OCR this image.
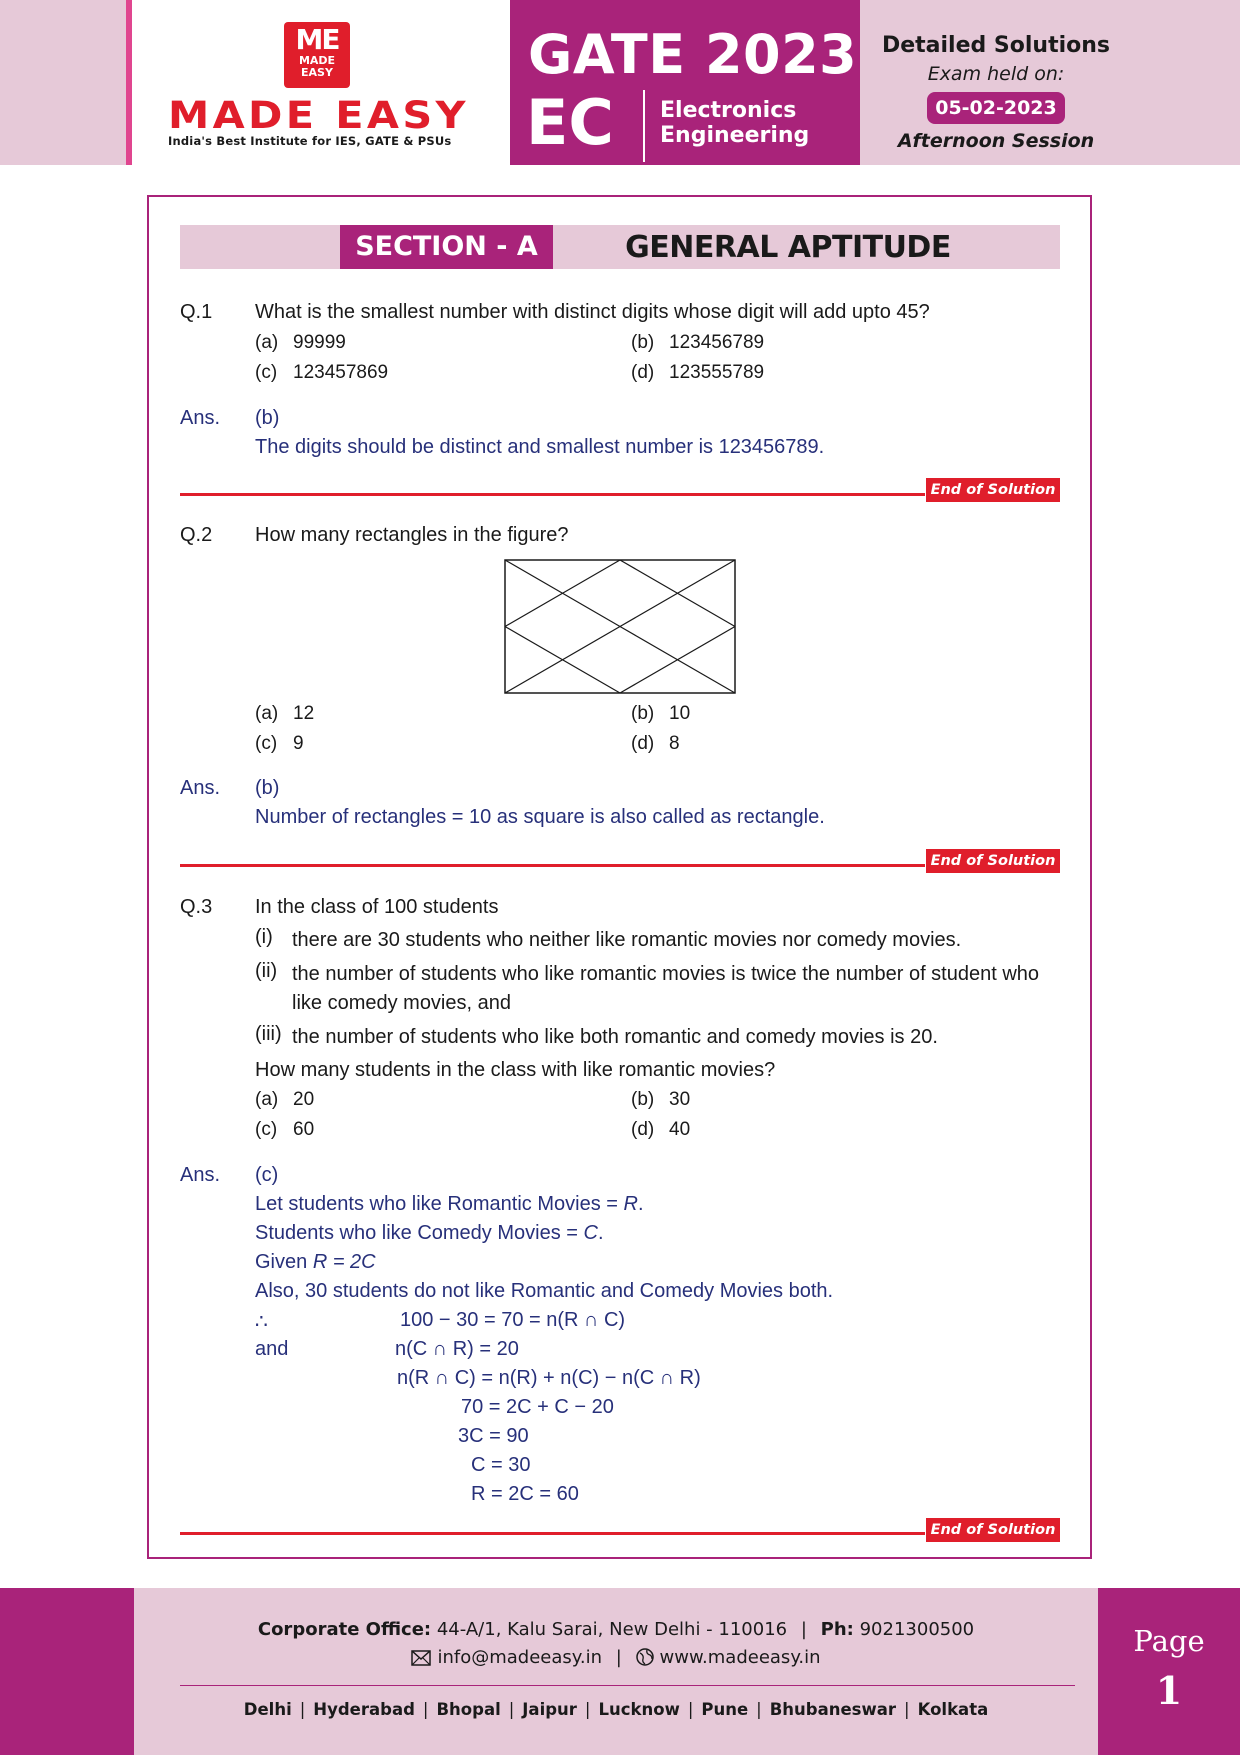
ME
MADE EASY
MADE EASY
India's Best Institute for IES, GATE & PSUs
GATE 2023
EC Electronics
Engineering
Detailed Solutions
Exam held on:
05-02-2023
Afternoon Session
SECTION - A	GENERAL APTITUDE
Q.1 What is the smallest number with distinct digits whose digit will add upto 45?
(a) 99999	(b) 123456789
(c) 123457869	(d) 123555789
Ans. (b)
The digits should be distinct and smallest number is 123456789.
End of Solution
Q.2 How many rectangles in the figure?
(a) 12	(b) 10
(c) 9	(d) 8
Ans. (b)
Number of rectangles = 10 as square is also called as rectangle.
End of Solution
Q.3 In the class of 100 students
(i) there are 30 students who neither like romantic movies nor comedy movies.
(ii) the number of students who like romantic movies is twice the number of student who like comedy movies, and
(iii) the number of students who like both romantic and comedy movies is 20.
How many students in the class with like romantic movies?
(a) 20	(b) 30
(c) 60	(d) 40
Ans. (c)
Let students who like Romantic Movies = R.
Students who like Comedy Movies = C.
Given R = 2C
Also, 30 students do not like Romantic and Comedy Movies both.
∴	100 − 30 = 70 = n(R ∩ C)
and	n(C ∩ R) = 20
n(R ∩ C) = n(R) + n(C) − n(C ∩ R)
70 = 2C + C − 20
3C = 90
C = 30
R = 2C = 60
End of Solution
Page
1
Corporate Office: 44-A/1, Kalu Sarai, New Delhi - 110016 | Ph: 9021300500
info@madeeasy.in | www.madeeasy.in
Delhi | Hyderabad | Bhopal | Jaipur | Lucknow | Pune | Bhubaneswar | Kolkata
